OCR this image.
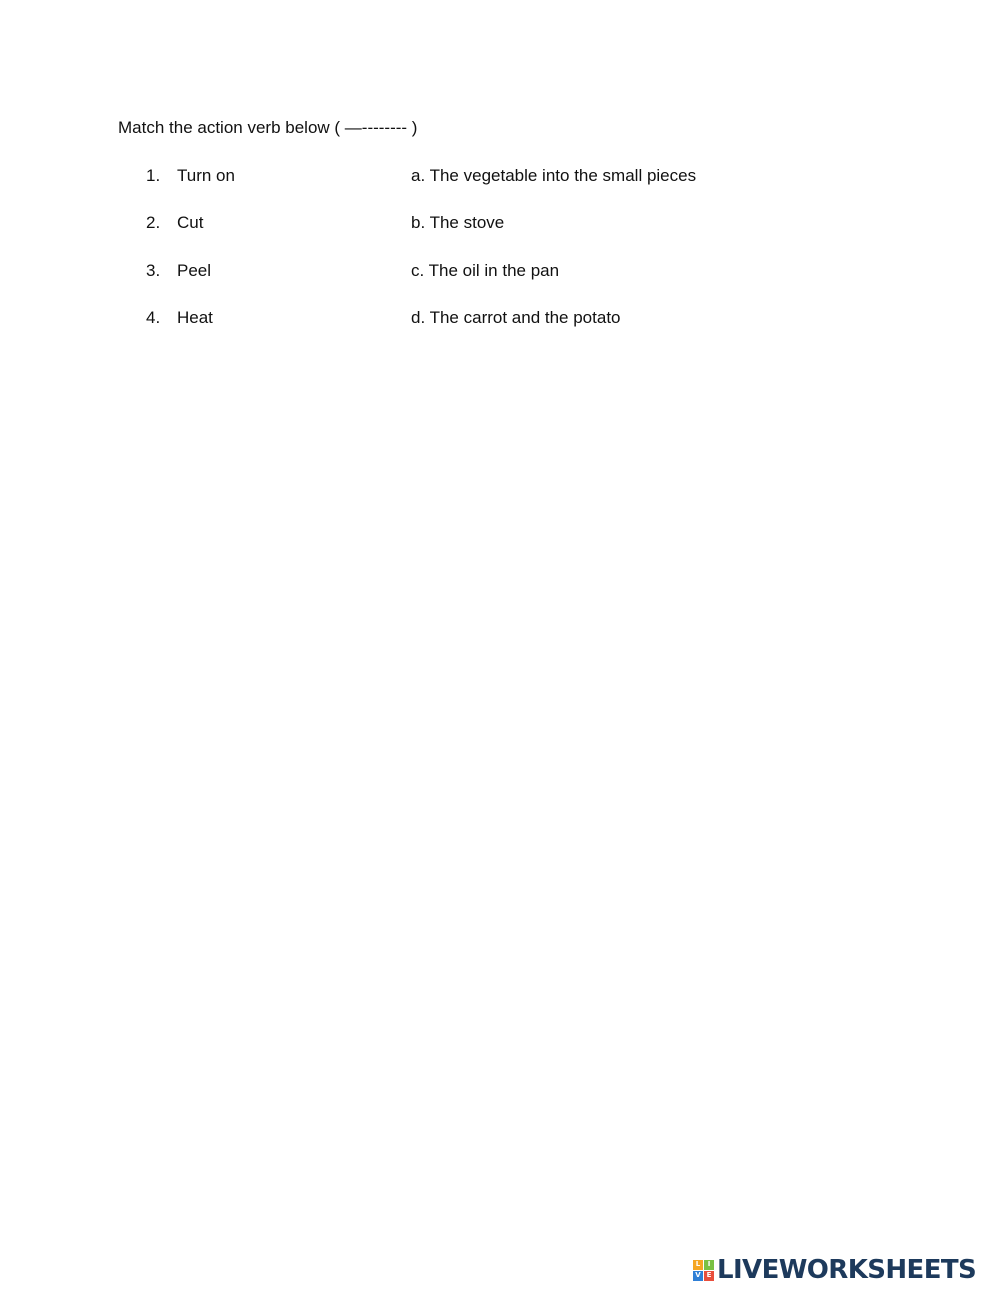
Match the action verb below ( —-------- )
1. Turn on	a. The vegetable into the small pieces
2. Cut	b. The stove
3. Peel	c. The oil in the pan
4. Heat	d. The carrot and the potato
L	I
V E LIVEWORKSHEETS
